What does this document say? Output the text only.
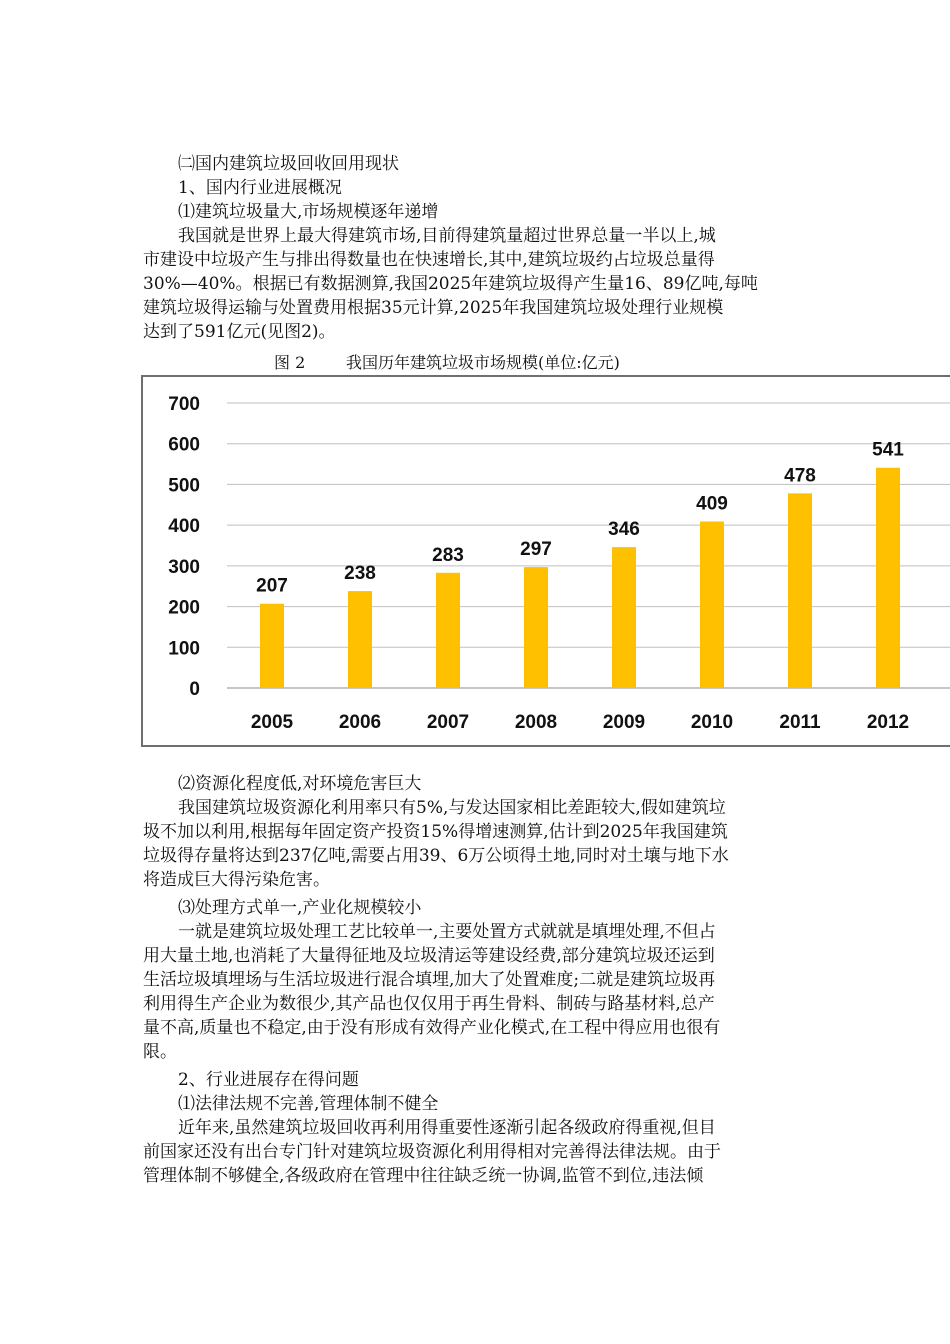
㈡国内建筑垃圾回收回用现状
1、国内行业进展概况
⑴建筑垃圾量大,市场规模逐年递增
我国就是世界上最大得建筑市场,目前得建筑量超过世界总量一半以上,城
市建设中垃圾产生与排出得数量也在快速增长,其中,建筑垃圾约占垃圾总量得
30%—40%。根据已有数据测算,我国2025年建筑垃圾得产生量16、89亿吨,每吨
建筑垃圾得运输与处置费用根据35元计算,2025年我国建筑垃圾处理行业规模
达到了591亿元(见图2)。
图 2        我国历年建筑垃圾市场规模(单位:亿元)
0
100
200
300
400
500
600
700
207
2005
238
2006
283
2007
297
2008
346
2009
409
2010
478
2011
541
2012
⑵资源化程度低,对环境危害巨大
我国建筑垃圾资源化利用率只有5%,与发达国家相比差距较大,假如建筑垃
圾不加以利用,根据每年固定资产投资15%得增速测算,估计到2025年我国建筑
垃圾得存量将达到237亿吨,需要占用39、6万公顷得土地,同时对土壤与地下水
将造成巨大得污染危害。
⑶处理方式单一,产业化规模较小
一就是建筑垃圾处理工艺比较单一,主要处置方式就就是填埋处理,不但占
用大量土地,也消耗了大量得征地及垃圾清运等建设经费,部分建筑垃圾还运到
生活垃圾填埋场与生活垃圾进行混合填埋,加大了处置难度;二就是建筑垃圾再
利用得生产企业为数很少,其产品也仅仅用于再生骨料、制砖与路基材料,总产
量不高,质量也不稳定,由于没有形成有效得产业化模式,在工程中得应用也很有
限。
2、行业进展存在得问题
⑴法律法规不完善,管理体制不健全
近年来,虽然建筑垃圾回收再利用得重要性逐渐引起各级政府得重视,但目
前国家还没有出台专门针对建筑垃圾资源化利用得相对完善得法律法规。由于
管理体制不够健全,各级政府在管理中往往缺乏统一协调,监管不到位,违法倾
